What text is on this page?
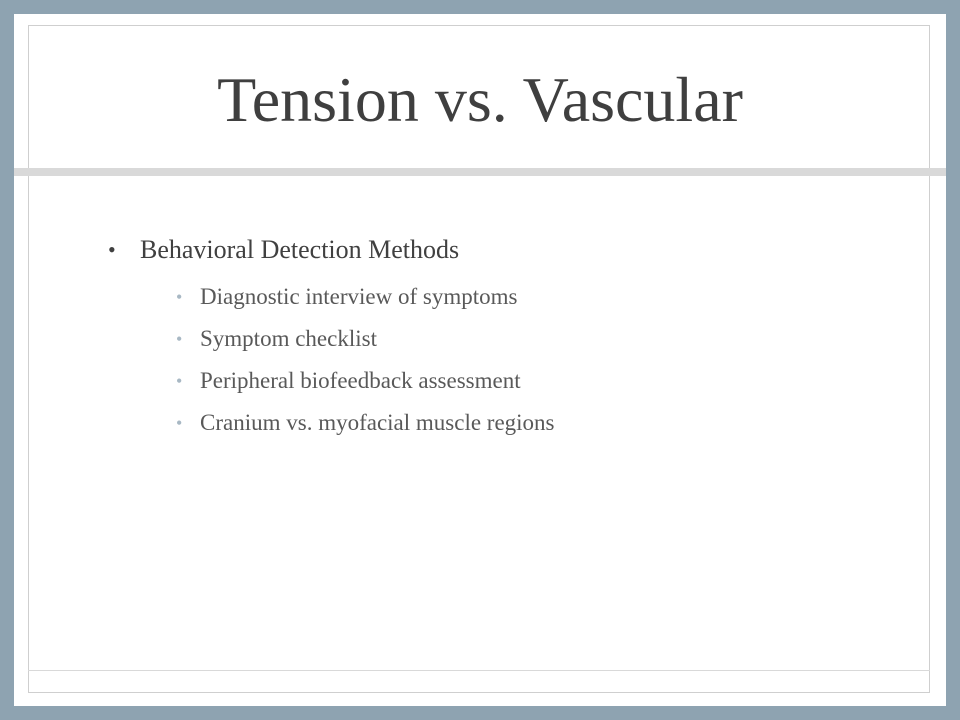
Tension vs. Vascular
• Behavioral Detection Methods
• Diagnostic interview of symptoms
• Symptom checklist
• Peripheral biofeedback assessment
• Cranium vs. myofacial muscle regions
